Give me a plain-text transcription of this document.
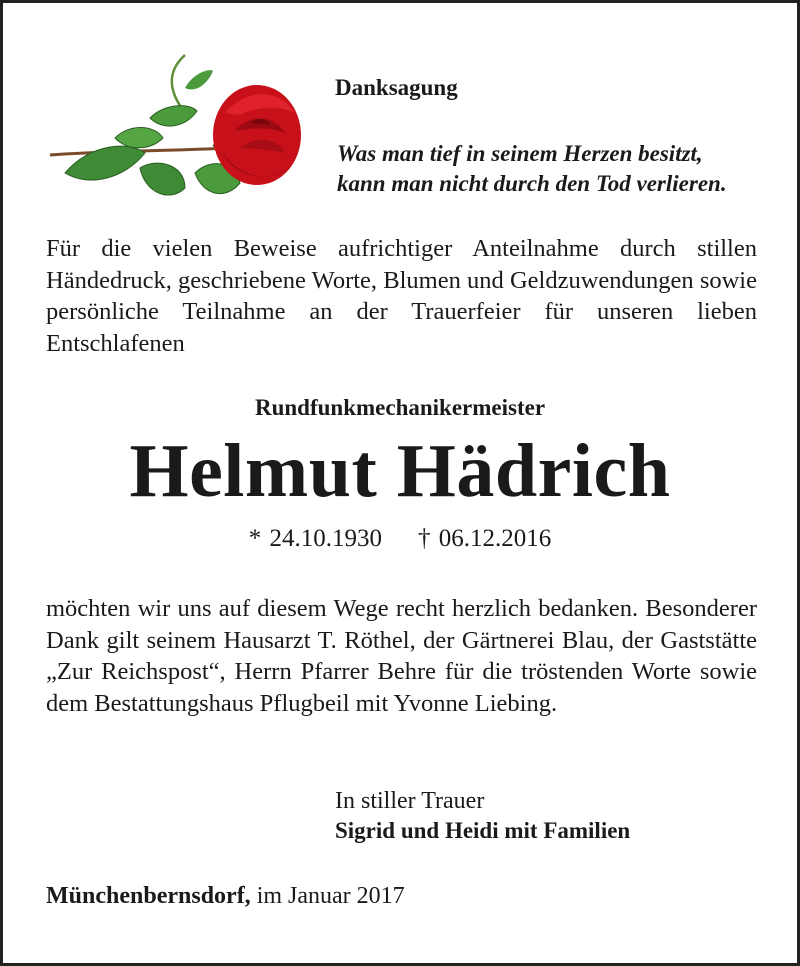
Danksagung
Was man tief in seinem Herzen besitzt,
kann man nicht durch den Tod verlieren.
Für die vielen Beweise aufrichtiger Anteilnahme durch stillen Händedruck, geschriebene Worte, Blumen und Geldzuwendungen sowie persönliche Teilnahme an der Trauerfeier für unseren lieben Entschlafenen
Rundfunkmechanikermeister
Helmut Hädrich
* 24.10.1930 † 06.12.2016
möchten wir uns auf diesem Wege recht herzlich bedanken. Besonderer Dank gilt seinem Hausarzt T. Röthel, der Gärtnerei Blau, der Gaststätte „Zur Reichspost“, Herrn Pfarrer Behre für die tröstenden Worte sowie dem Bestattungshaus Pflugbeil mit Yvonne Liebing.
In stiller Trauer
Sigrid und Heidi mit Familien
Münchenbernsdorf, im Januar 2017
